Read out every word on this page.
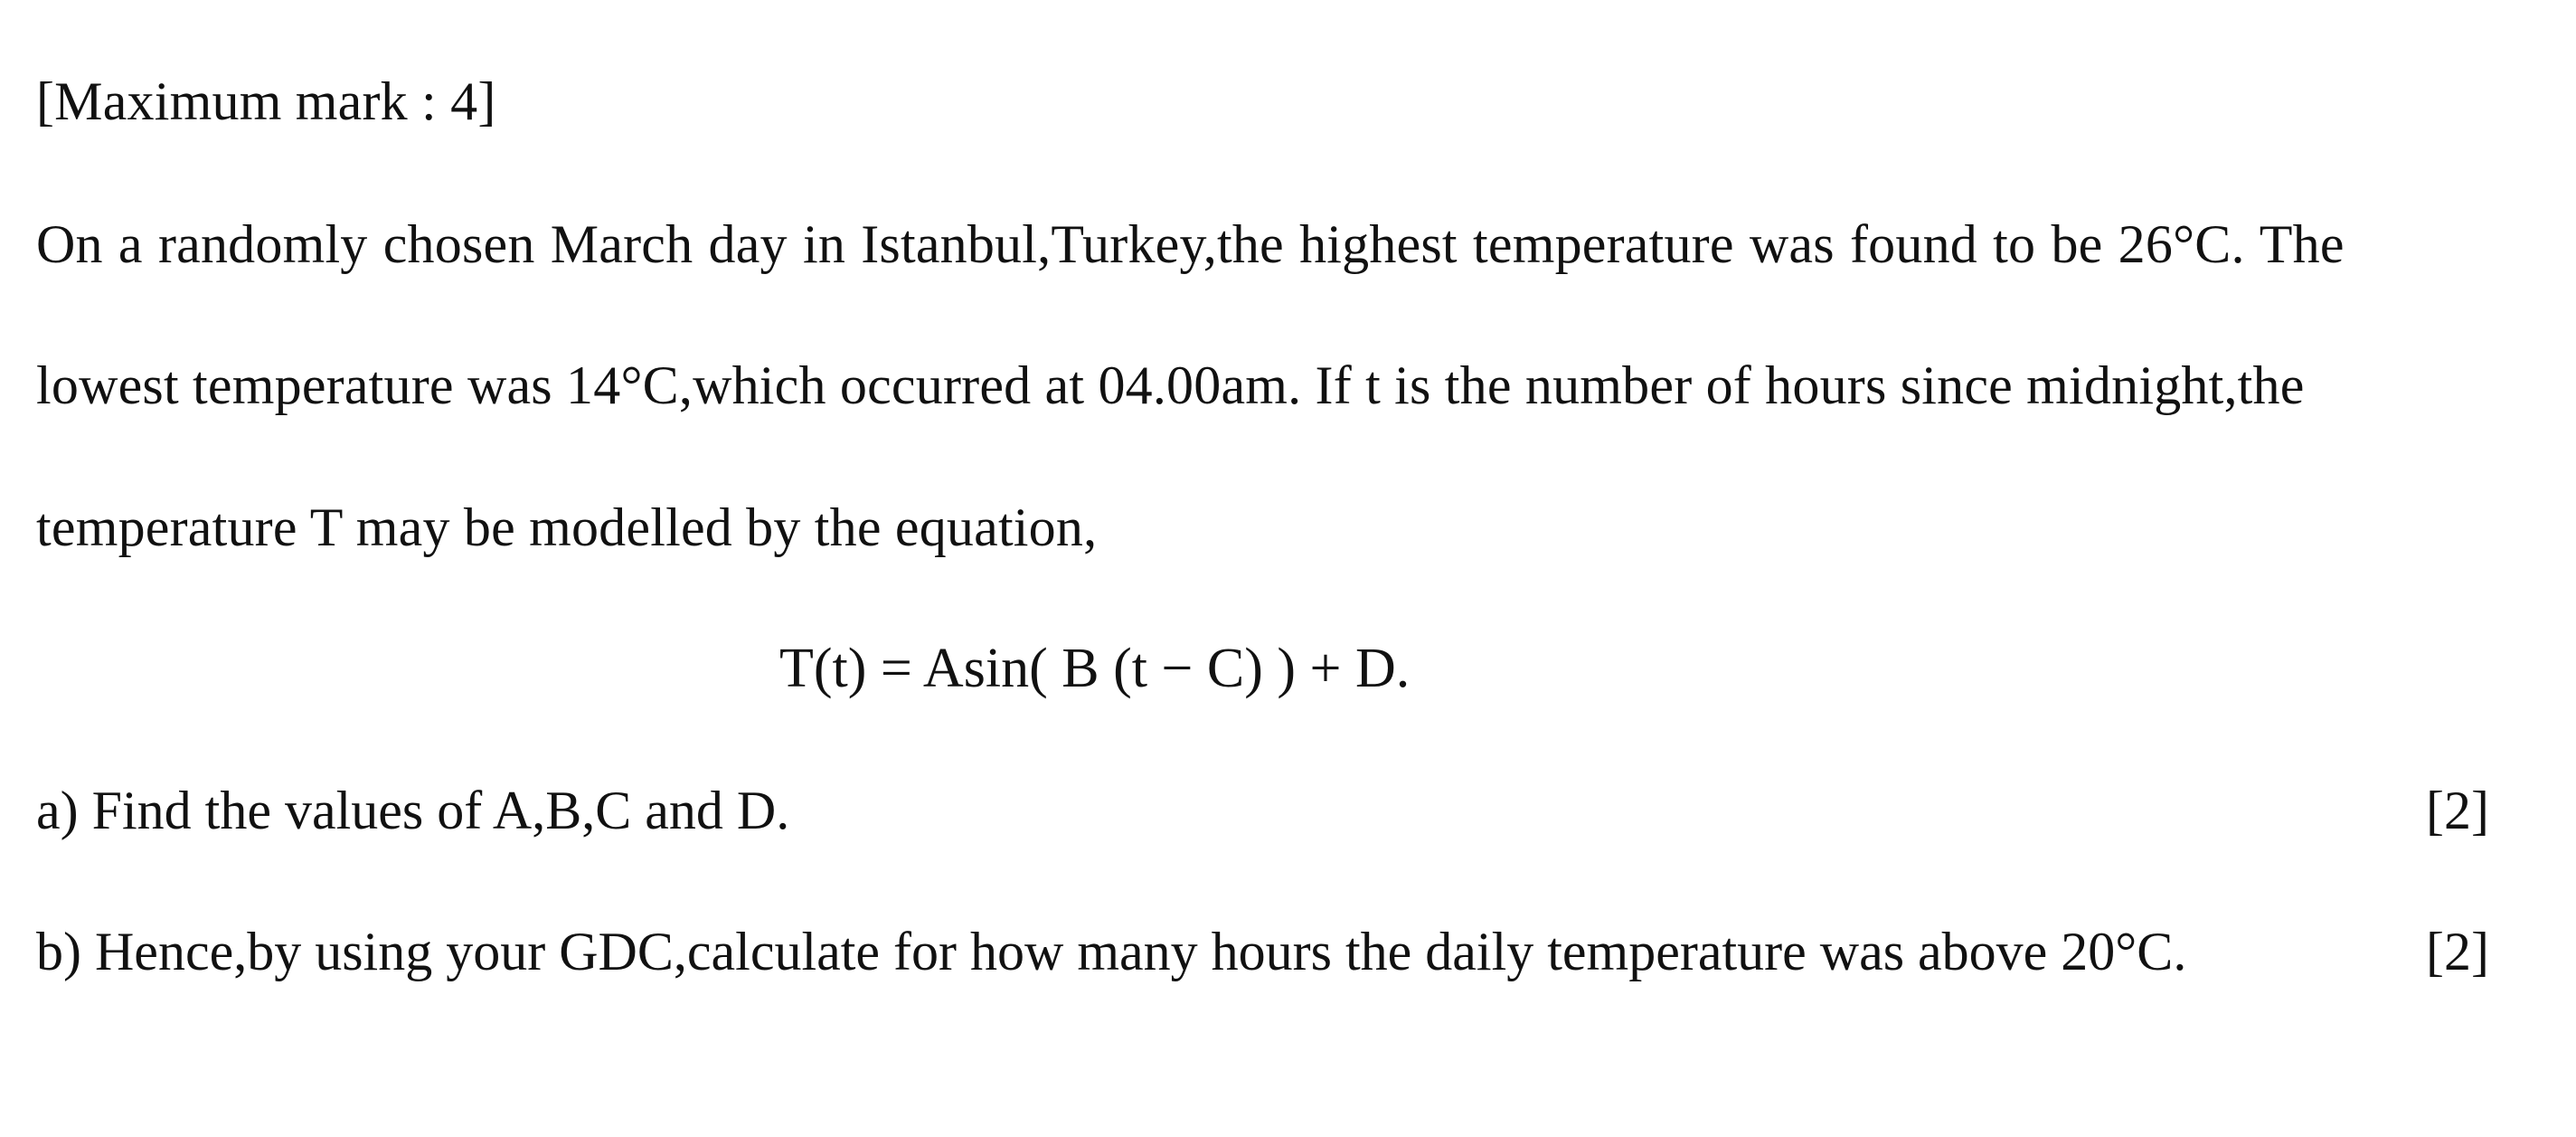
[Maximum mark : 4]
On a randomly chosen March day in Istanbul,Turkey,the highest temperature was found to be 26°C. The
lowest temperature was 14°C,which occurred at 04.00am. If t is the number of hours since midnight,the
temperature T may be modelled by the equation,
T(t) = Asin( B (t − C) ) + D.
a) Find the values of A,B,C and D.	[2]
b) Hence,by using your GDC,calculate for how many hours the daily temperature was above 20°C.	[2]
